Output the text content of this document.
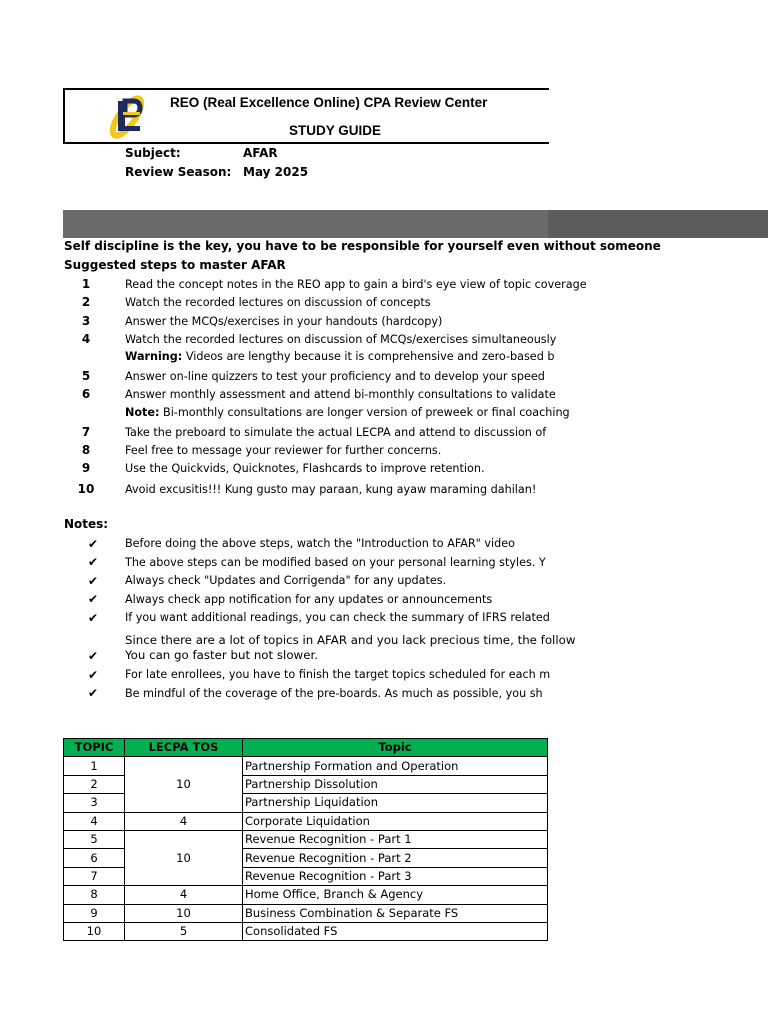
REO (Real Excellence Online) CPA Review Center
STUDY GUIDE
Subject:	AFAR
Review Season: May 2025
Self discipline is the key, you have to be responsible for yourself even without someone
Suggested steps to master AFAR
1	Read the concept notes in the REO app to gain a bird's eye view of topic coverage
2	Watch the recorded lectures on discussion of concepts
3	Answer the MCQs/exercises in your handouts (hardcopy)
4	Watch the recorded lectures on discussion of MCQs/exercises simultaneously
Warning: Videos are lengthy because it is comprehensive and zero-based b
5	Answer on-line quizzers to test your proficiency and to develop your speed
6	Answer monthly assessment and attend bi-monthly consultations to validate
Note: Bi-monthly consultations are longer version of preweek or final coaching
7	Take the preboard to simulate the actual LECPA and attend to discussion of
8	Feel free to message your reviewer for further concerns.
9	Use the Quickvids, Quicknotes, Flashcards to improve retention.
10	Avoid excusitis!!! Kung gusto may paraan, kung ayaw maraming dahilan!
Notes:
✔ Before doing the above steps, watch the "Introduction to AFAR" video
✔ The above steps can be modified based on your personal learning styles. Y
✔ Always check "Updates and Corrigenda" for any updates.
✔ Always check app notification for any updates or announcements
✔ If you want additional readings, you can check the summary of IFRS related
Since there are a lot of topics in AFAR and you lack precious time, the follow
✔ You can go faster but not slower.
✔ For late enrollees, you have to finish the target topics scheduled for each m
✔ Be mindful of the coverage of the pre-boards. As much as possible, you sh
TOPIC	LECPA TOS	Topic
1	10	Partnership Formation and Operation
2		Partnership Dissolution
3		Partnership Liquidation
4	4	Corporate Liquidation
5	10	Revenue Recognition - Part 1
6		Revenue Recognition - Part 2
7		Revenue Recognition - Part 3
8	4	Home Office, Branch & Agency
9	10	Business Combination & Separate FS
10	5	Consolidated FS
